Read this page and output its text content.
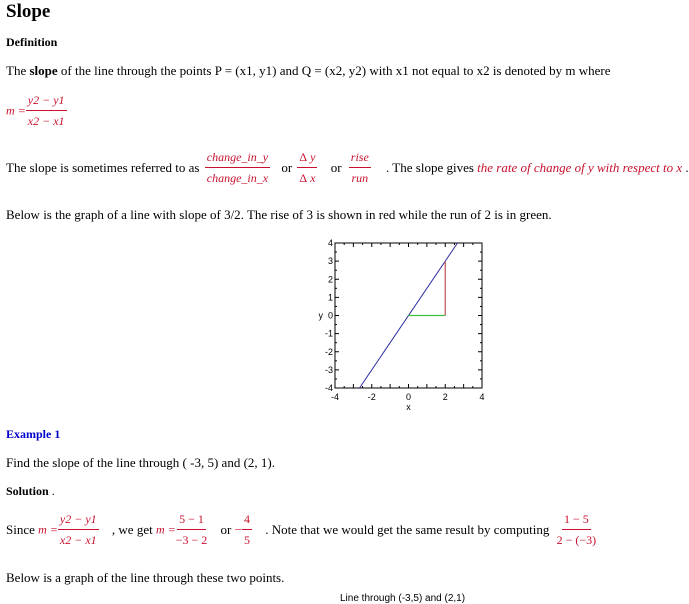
Slope
Definition
The slope of the line through the points P = (x1, y1) and Q = (x2, y2) with x1 not equal to x2 is denoted by m where
$m = \frac{y2 - y1}{x2 - x1}$
The slope is sometimes referred to as $\frac{\text{change\_in\_y}}{\text{change\_in\_x}}$ or $\frac{\text{Δ y}}{\text{Δ x}}$ or $\frac{\text{rise}}{\text{run}}$ . The slope gives the rate of change of y with respect to x .
Below is the graph of a line with slope of 3/2. The rise of 3 is shown in red while the run of 2 is in green.
-4	-2	0	2	4
4
3
2
1
0
-1
-2
-3
-4
x
y
Example 1
Find the slope of the line through ( -3, 5) and (2, 1).
Solution .
Since $m = \frac{y2 - y1}{x2 - x1}$ , we get $m = \frac{5 - 1}{-3 - 2}$ or − $\frac{4}{5}$ . Note that we would get the same result by computing $\frac{1 - 5}{2 - (-3)}$
Below is a graph of the line through these two points.
Line through (-3,5) and (2,1)
